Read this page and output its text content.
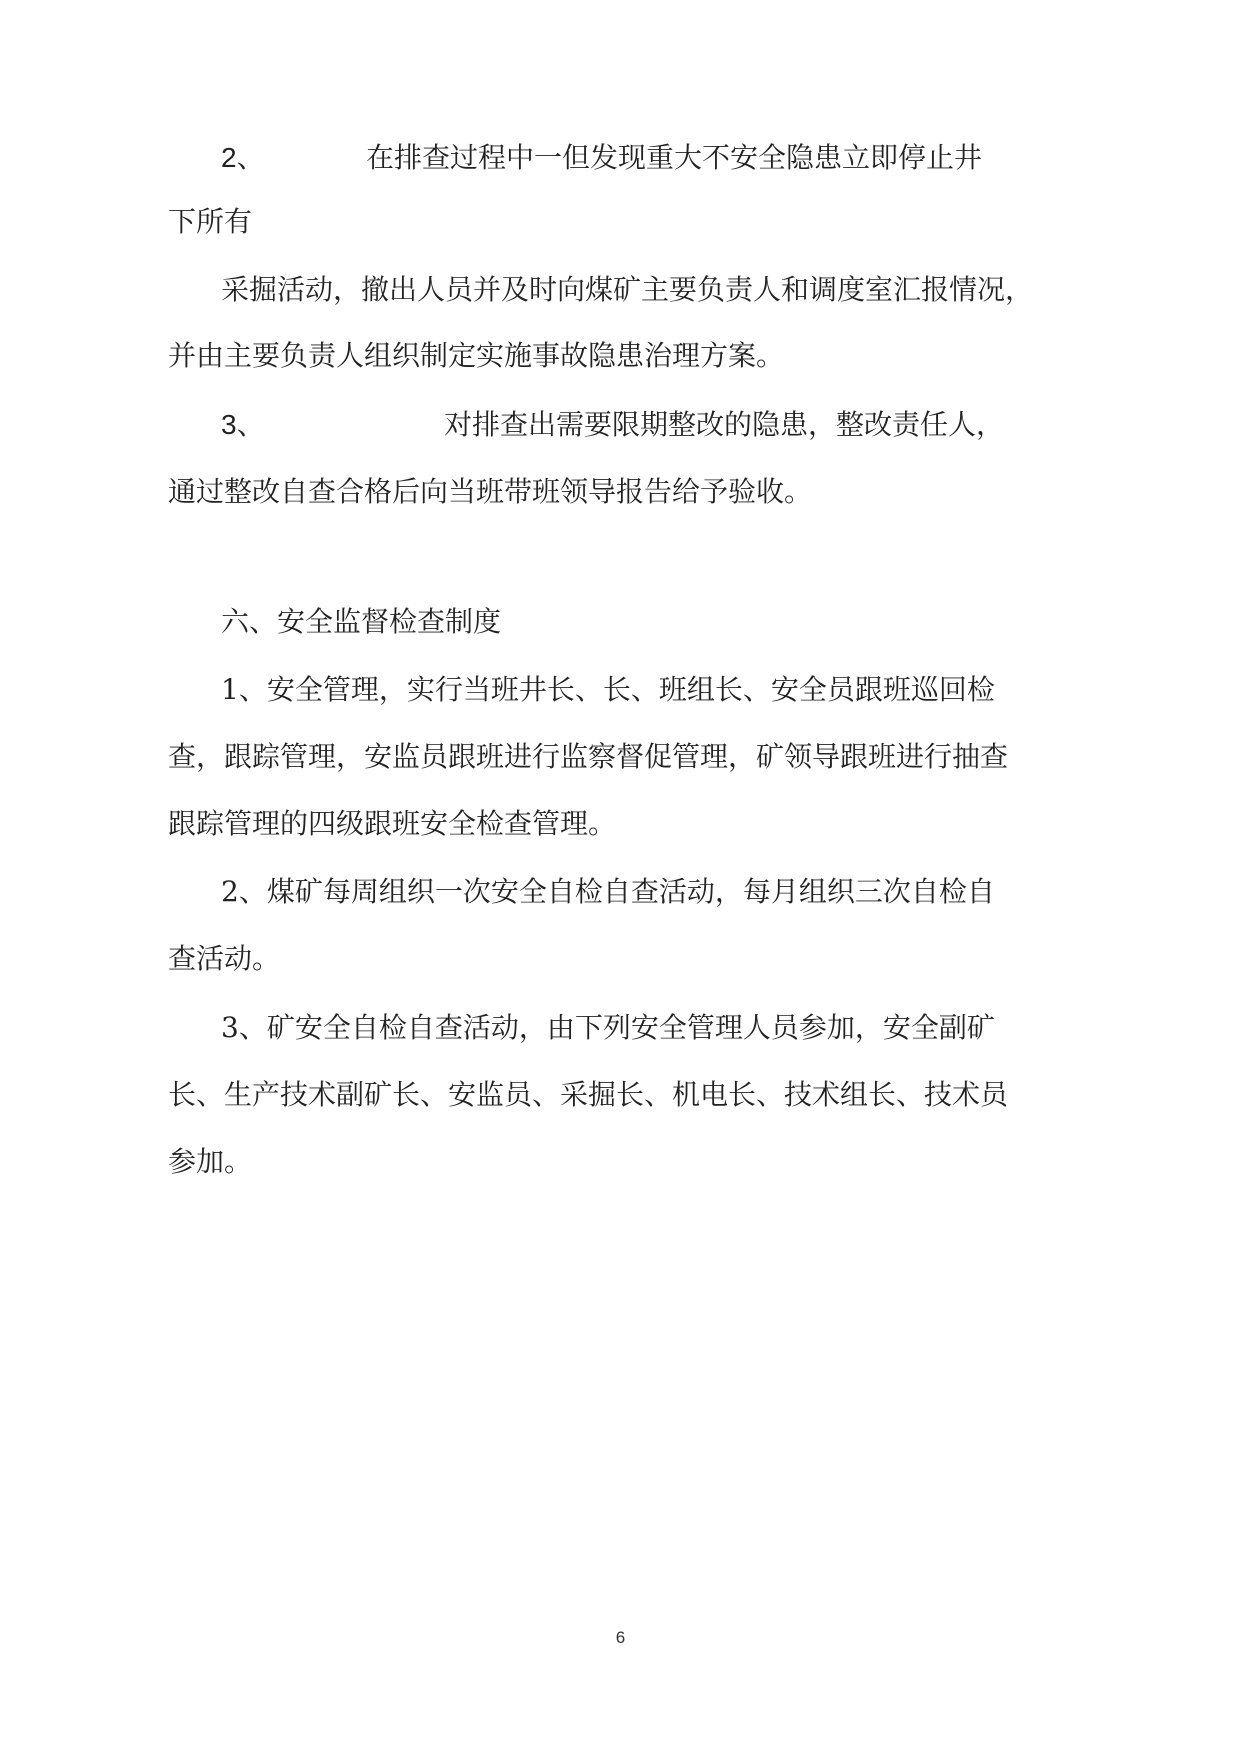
2、	在排查过程中一但发现重大不安全隐患立即停止井
下所有
采掘活动，撤出人员并及时向煤矿主要负责人和调度室汇报情况，
并由主要负责人组织制定实施事故隐患治理方案。
3、	对排查出需要限期整改的隐患，整改责任人，
通过整改自查合格后向当班带班领导报告给予验收。
六、安全监督检查制度
1、安全管理，实行当班井长、长、班组长、安全员跟班巡回检
查，跟踪管理，安监员跟班进行监察督促管理，矿领导跟班进行抽查
跟踪管理的四级跟班安全检查管理。
2、煤矿每周组织一次安全自检自查活动，每月组织三次自检自
查活动。
3、矿安全自检自查活动，由下列安全管理人员参加，安全副矿
长、生产技术副矿长、安监员、采掘长、机电长、技术组长、技术员
参加。
6
